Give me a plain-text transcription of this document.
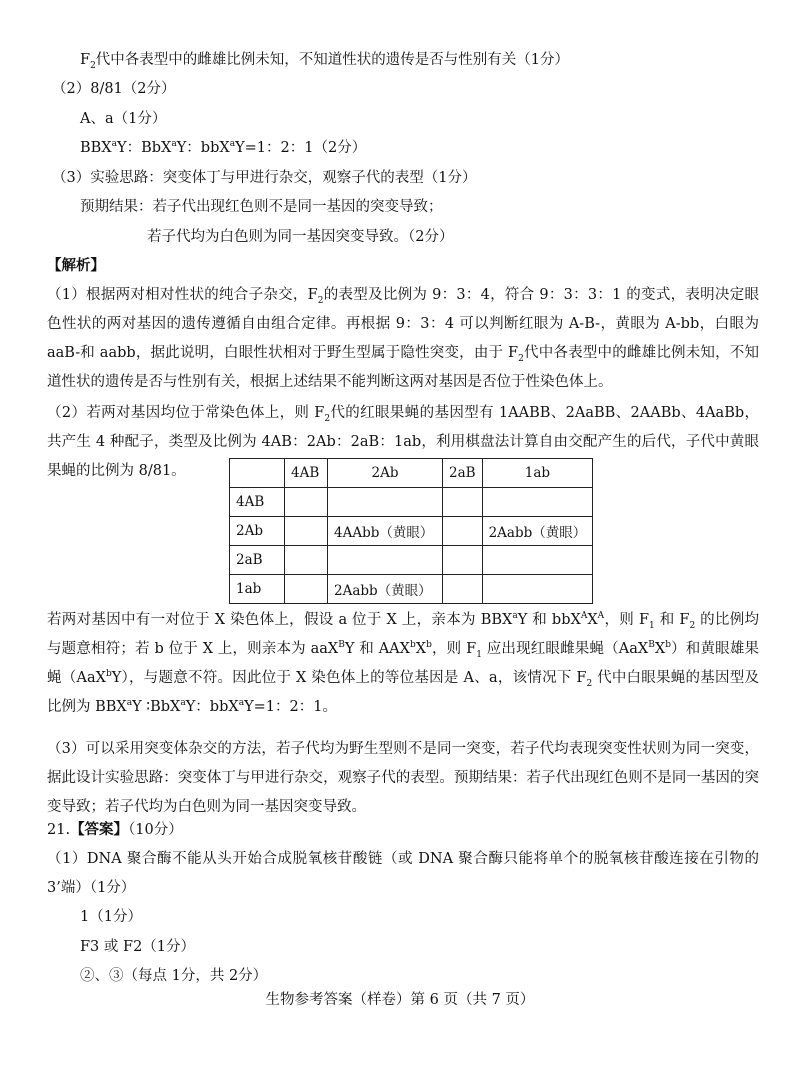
$F_2$代中各表型中的雌雄比例未知，不知道性状的遗传是否与性别有关（1分）
（2）8/81（2分）
A、a（1分）
BBX$^a$Y：BbX$^a$Y：bbX$^a$Y=1：2：1（2分）
（3）实验思路：突变体丁与甲进行杂交，观察子代的表型（1分）
预期结果：若子代出现红色则不是同一基因的突变导致；
若子代均为白色则为同一基因突变导致。（2分）
【解析】
（1）根据两对相对性状的纯合子杂交，$F_2$的表型及比例为 9：3：4，符合 9：3：3：1 的变式，表明决定眼色性状的两对基因的遗传遵循自由组合定律。再根据 9：3：4 可以判断红眼为 A-B-，黄眼为 A-bb，白眼为 aaB-和 aabb，据此说明，白眼性状相对于野生型属于隐性突变，由于 $F_2$代中各表型中的雌雄比例未知，不知道性状的遗传是否与性别有关，根据上述结果不能判断这两对基因是否位于性染色体上。
（2）若两对基因均位于常染色体上，则 $F_2$代的红眼果蝇的基因型有 1AABB、2AaBB、2AABb、4AaBb，共产生 4 种配子，类型及比例为 4AB：2Ab：2aB：1ab，利用棋盘法计算自由交配产生的后代，子代中黄眼果蝇的比例为 8/81。
		4AB	2Ab	2aB	1ab
4AB				
2Ab		4AAbb（黄眼）		2Aabb（黄眼）
2aB				
1ab		2Aabb（黄眼）		
若两对基因中有一对位于 X 染色体上，假设 a 位于 X 上，亲本为 BBX$^a$Y 和 $bbX^AX^A$，则 $F_1$ 和 $F_2$ 的比例均与题意相符；若 b 位于 X 上，则亲本为 aaX$^B$Y 和 $AAX^bX^b$，则 $F_1$ 应出现红眼雌果蝇$(AaX^BX^b)$和黄眼雄果蝇（AaX$^b$Y），与题意不符。因此位于 X 染色体上的等位基因是 A、a，该情况下 $F_2$ 代中白眼果蝇的基因型及比例为 BBX$^a$Y ∶BbX$^a$Y：bbX$^a$Y=1：2：1。
（3）可以采用突变体杂交的方法，若子代均为野生型则不是同一突变，若子代均表现突变性状则为同一突变，据此设计实验思路：突变体丁与甲进行杂交，观察子代的表型。预期结果：若子代出现红色则不是同一基因的突变导致；若子代均为白色则为同一基因突变导致。
21.【答案】（10分）
（1）DNA 聚合酶不能从头开始合成脱氧核苷酸链（或 DNA 聚合酶只能将单个的脱氧核苷酸连接在引物的 3’端）（1分）
1（1分）
F3 或 F2（1分）
②、③（每点 1分，共 2分）
生物参考答案（样卷）第 6 页（共 7 页）
